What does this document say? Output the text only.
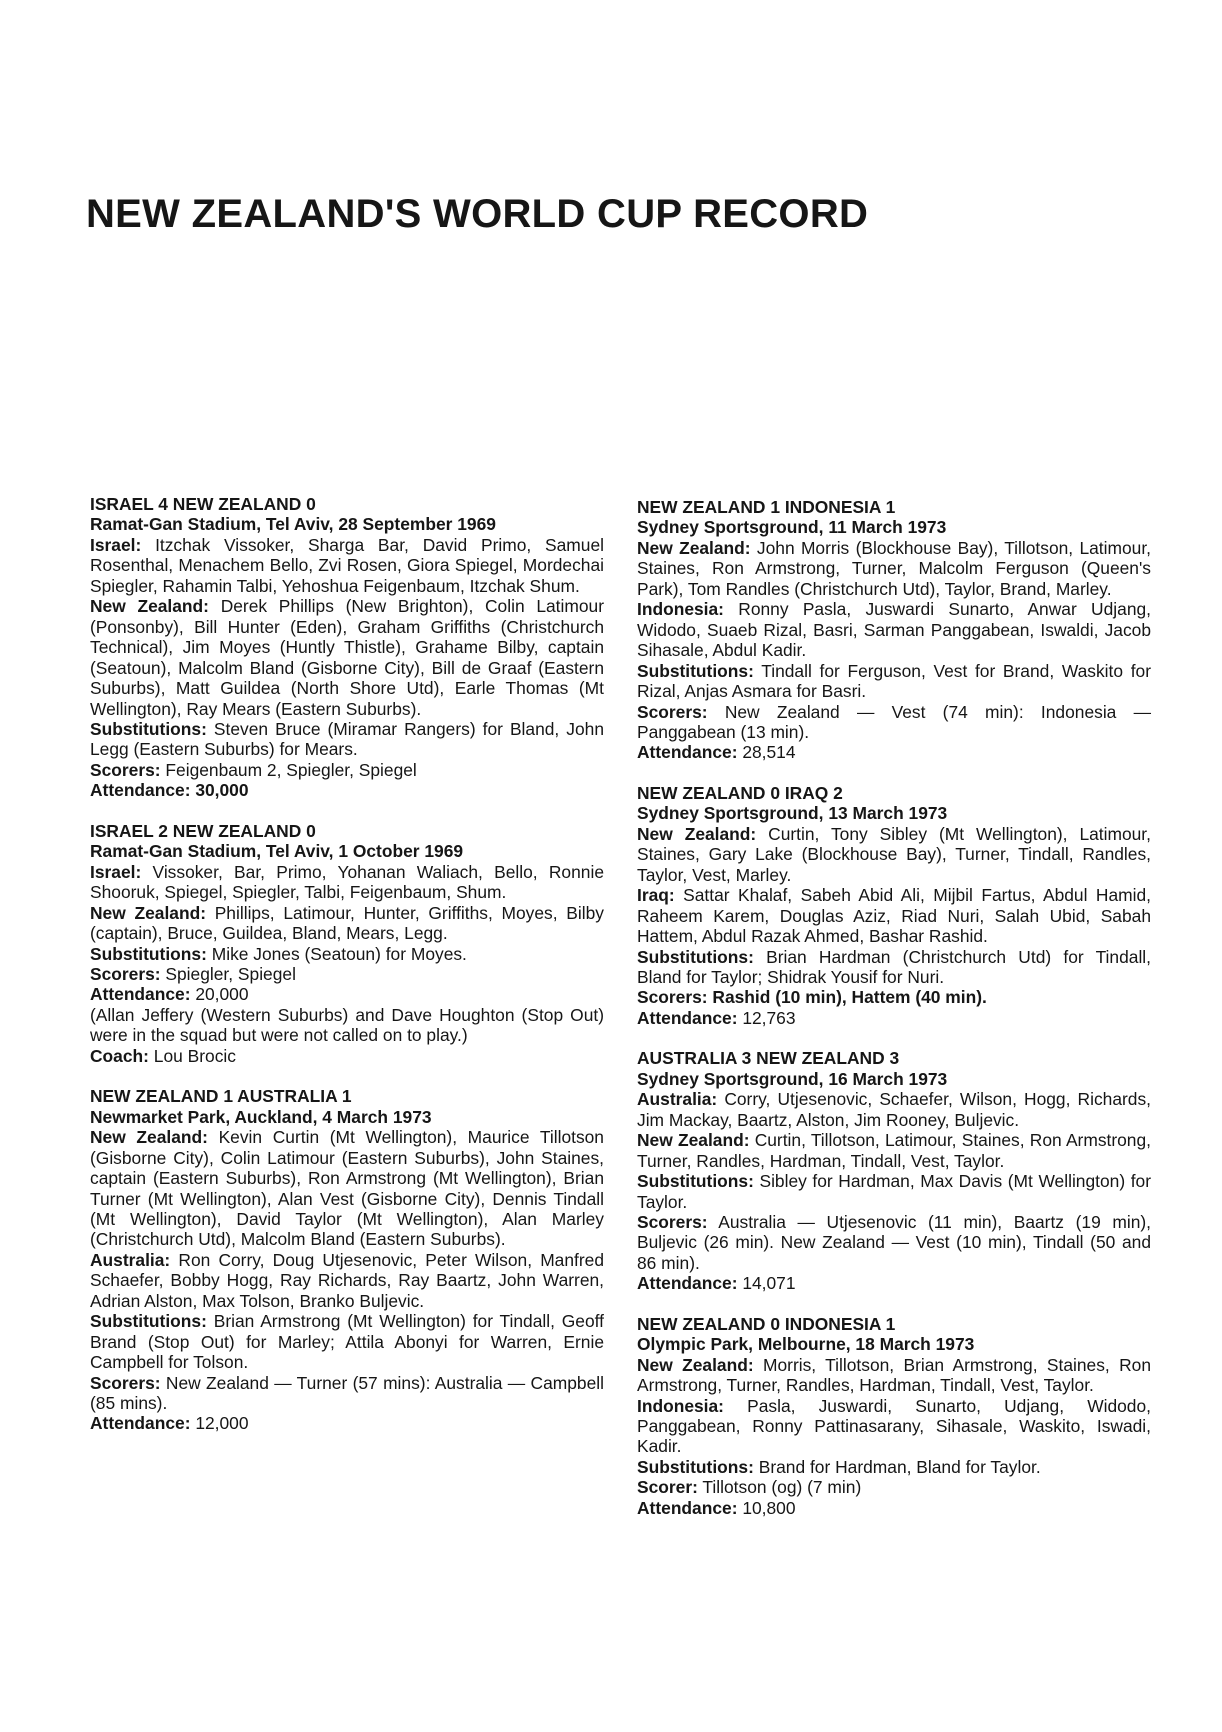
NEW ZEALAND'S WORLD CUP RECORD
ISRAEL 4 NEW ZEALAND 0
Ramat-Gan Stadium, Tel Aviv, 28 September 1969
Israel: Itzchak Vissoker, Sharga Bar, David Primo, Samuel Rosenthal, Menachem Bello, Zvi Rosen, Giora Spiegel, Mordechai Spiegler, Rahamin Talbi, Yehoshua Feigenbaum, Itzchak Shum.
New Zealand: Derek Phillips (New Brighton), Colin Latimour (Ponsonby), Bill Hunter (Eden), Graham Griffiths (Christchurch Technical), Jim Moyes (Huntly Thistle), Grahame Bilby, captain (Seatoun), Malcolm Bland (Gisborne City), Bill de Graaf (Eastern Suburbs), Matt Guildea (North Shore Utd), Earle Thomas (Mt Wellington), Ray Mears (Eastern Suburbs).
Substitutions: Steven Bruce (Miramar Rangers) for Bland, John Legg (Eastern Suburbs) for Mears.
Scorers: Feigenbaum 2, Spiegler, Spiegel
Attendance: 30,000
ISRAEL 2 NEW ZEALAND 0
Ramat-Gan Stadium, Tel Aviv, 1 October 1969
Israel: Vissoker, Bar, Primo, Yohanan Waliach, Bello, Ronnie Shooruk, Spiegel, Spiegler, Talbi, Feigenbaum, Shum.
New Zealand: Phillips, Latimour, Hunter, Griffiths, Moyes, Bilby (captain), Bruce, Guildea, Bland, Mears, Legg.
Substitutions: Mike Jones (Seatoun) for Moyes.
Scorers: Spiegler, Spiegel
Attendance: 20,000
(Allan Jeffery (Western Suburbs) and Dave Houghton (Stop Out) were in the squad but were not called on to play.)
Coach: Lou Brocic
NEW ZEALAND 1 AUSTRALIA 1
Newmarket Park, Auckland, 4 March 1973
New Zealand: Kevin Curtin (Mt Wellington), Maurice Tillotson (Gisborne City), Colin Latimour (Eastern Suburbs), John Staines, captain (Eastern Suburbs), Ron Armstrong (Mt Wellington), Brian Turner (Mt Wellington), Alan Vest (Gisborne City), Dennis Tindall (Mt Wellington), David Taylor (Mt Wellington), Alan Marley (Christchurch Utd), Malcolm Bland (Eastern Suburbs).
Australia: Ron Corry, Doug Utjesenovic, Peter Wilson, Manfred Schaefer, Bobby Hogg, Ray Richards, Ray Baartz, John Warren, Adrian Alston, Max Tolson, Branko Buljevic.
Substitutions: Brian Armstrong (Mt Wellington) for Tindall, Geoff Brand (Stop Out) for Marley; Attila Abonyi for Warren, Ernie Campbell for Tolson.
Scorers: New Zealand — Turner (57 mins): Australia — Campbell (85 mins).
Attendance: 12,000
NEW ZEALAND 1 INDONESIA 1
Sydney Sportsground, 11 March 1973
New Zealand: John Morris (Blockhouse Bay), Tillotson, Latimour, Staines, Ron Armstrong, Turner, Malcolm Ferguson (Queen's Park), Tom Randles (Christchurch Utd), Taylor, Brand, Marley.
Indonesia: Ronny Pasla, Juswardi Sunarto, Anwar Udjang, Widodo, Suaeb Rizal, Basri, Sarman Panggabean, Iswaldi, Jacob Sihasale, Abdul Kadir.
Substitutions: Tindall for Ferguson, Vest for Brand, Waskito for Rizal, Anjas Asmara for Basri.
Scorers: New Zealand — Vest (74 min): Indonesia — Panggabean (13 min).
Attendance: 28,514
NEW ZEALAND 0 IRAQ 2
Sydney Sportsground, 13 March 1973
New Zealand: Curtin, Tony Sibley (Mt Wellington), Latimour, Staines, Gary Lake (Blockhouse Bay), Turner, Tindall, Randles, Taylor, Vest, Marley.
Iraq: Sattar Khalaf, Sabeh Abid Ali, Mijbil Fartus, Abdul Hamid, Raheem Karem, Douglas Aziz, Riad Nuri, Salah Ubid, Sabah Hattem, Abdul Razak Ahmed, Bashar Rashid.
Substitutions: Brian Hardman (Christchurch Utd) for Tindall, Bland for Taylor; Shidrak Yousif for Nuri.
Scorers: Rashid (10 min), Hattem (40 min).
Attendance: 12,763
AUSTRALIA 3 NEW ZEALAND 3
Sydney Sportsground, 16 March 1973
Australia: Corry, Utjesenovic, Schaefer, Wilson, Hogg, Richards, Jim Mackay, Baartz, Alston, Jim Rooney, Buljevic.
New Zealand: Curtin, Tillotson, Latimour, Staines, Ron Armstrong, Turner, Randles, Hardman, Tindall, Vest, Taylor.
Substitutions: Sibley for Hardman, Max Davis (Mt Wellington) for Taylor.
Scorers: Australia — Utjesenovic (11 min), Baartz (19 min), Buljevic (26 min). New Zealand — Vest (10 min), Tindall (50 and 86 min).
Attendance: 14,071
NEW ZEALAND 0 INDONESIA 1
Olympic Park, Melbourne, 18 March 1973
New Zealand: Morris, Tillotson, Brian Armstrong, Staines, Ron Armstrong, Turner, Randles, Hardman, Tindall, Vest, Taylor.
Indonesia: Pasla, Juswardi, Sunarto, Udjang, Widodo, Panggabean, Ronny Pattinasarany, Sihasale, Waskito, Iswadi, Kadir.
Substitutions: Brand for Hardman, Bland for Taylor.
Scorer: Tillotson (og) (7 min)
Attendance: 10,800
